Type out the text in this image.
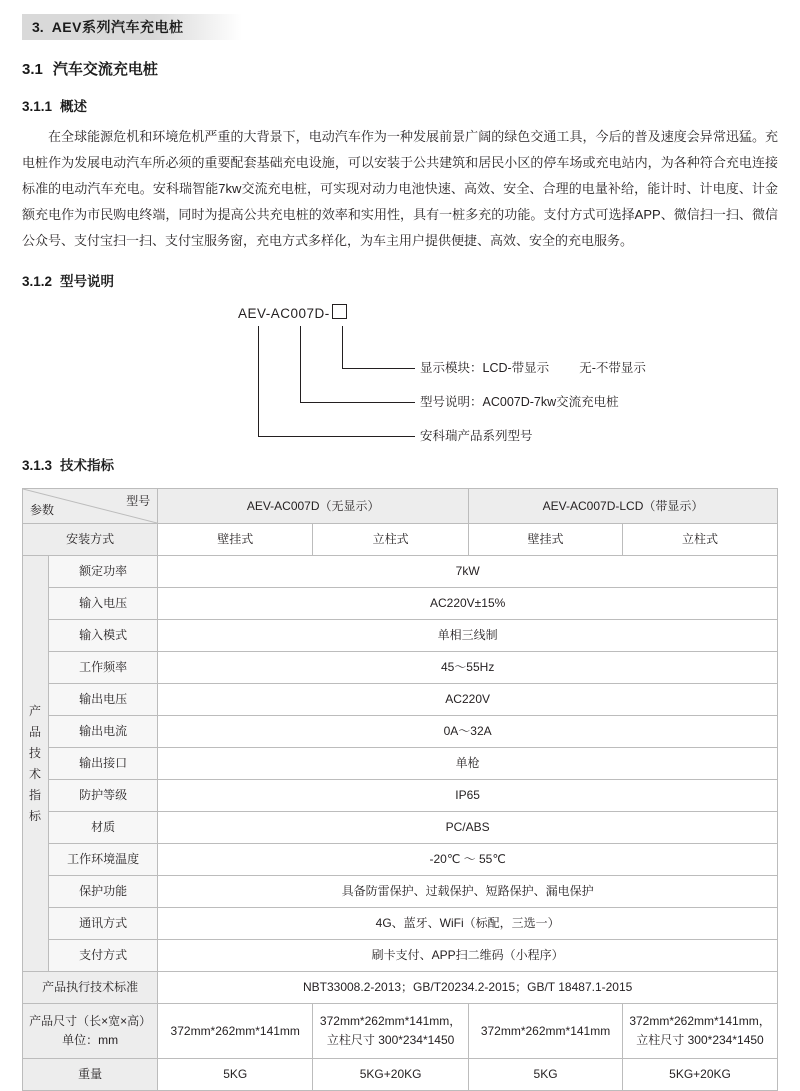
3. AEV系列汽车充电桩
3.1 汽车交流充电桩
3.1.1 概述

在全球能源危机和环境危机严重的大背景下，电动汽车作为一种发展前景广阔的绿色交通工具，今后的普及速度会异常迅猛。充电桩作为发展电动汽车所必须的重要配套基础充电设施，可以安装于公共建筑和居民小区的停车场或充电站内，为各种符合充电连接标准的电动汽车充电。安科瑞智能7kw交流充电桩，可实现对动力电池快速、高效、安全、合理的电量补给，能计时、计电度、计金额充电作为市民购电终端，同时为提高公共充电桩的效率和实用性，具有一桩多充的功能。支付方式可选择APP、微信扫一扫、微信公众号、支付宝扫一扫、支付宝服务窗，充电方式多样化，为车主用户提供便捷、高效、安全的充电服务。

3.1.2 型号说明
AEV-AC007D-
显示模块：LCD-带显示 无-不带显示
型号说明：AC007D-7kw交流充电桩
安科瑞产品系列型号
3.1.3 技术指标
型号
参数		AEV-AC007D（无显示）		AEV-AC007D-LCD（带显示）	
安装方式		壁挂式	立柱式	壁挂式	立柱式

产
品
技
术
指
标
	额定功率	7kW
	输入电压	AC220V±15%			
	输入模式	单相三线制			
	工作频率	45～55Hz			
	输出电压	AC220V			
	输出电流	0A～32A			
	输出接口	单枪			
	防护等级	IP65			
	材质	PC/ABS			
	工作环境温度	-20℃ ～ 55℃			
	保护功能	具备防雷保护、过载保护、短路保护、漏电保护			
	通讯方式	4G、蓝牙、WiFi（标配，三选一）			
	支付方式	刷卡支付、APP扫二维码（小程序）			
产品执行技术标准		NBT33008.2-2013；GB/T20234.2-2015；GB/T 18487.1-2015			
产品尺寸（长×宽×高）单位：mm		372mm*262mm*141mm	372mm*262mm*141mm，立柱尺寸 300*234*1450	372mm*262mm*141mm	372mm*262mm*141mm，立柱尺寸 300*234*1450
重量		5KG	5KG+20KG	5KG	5KG+20KG
